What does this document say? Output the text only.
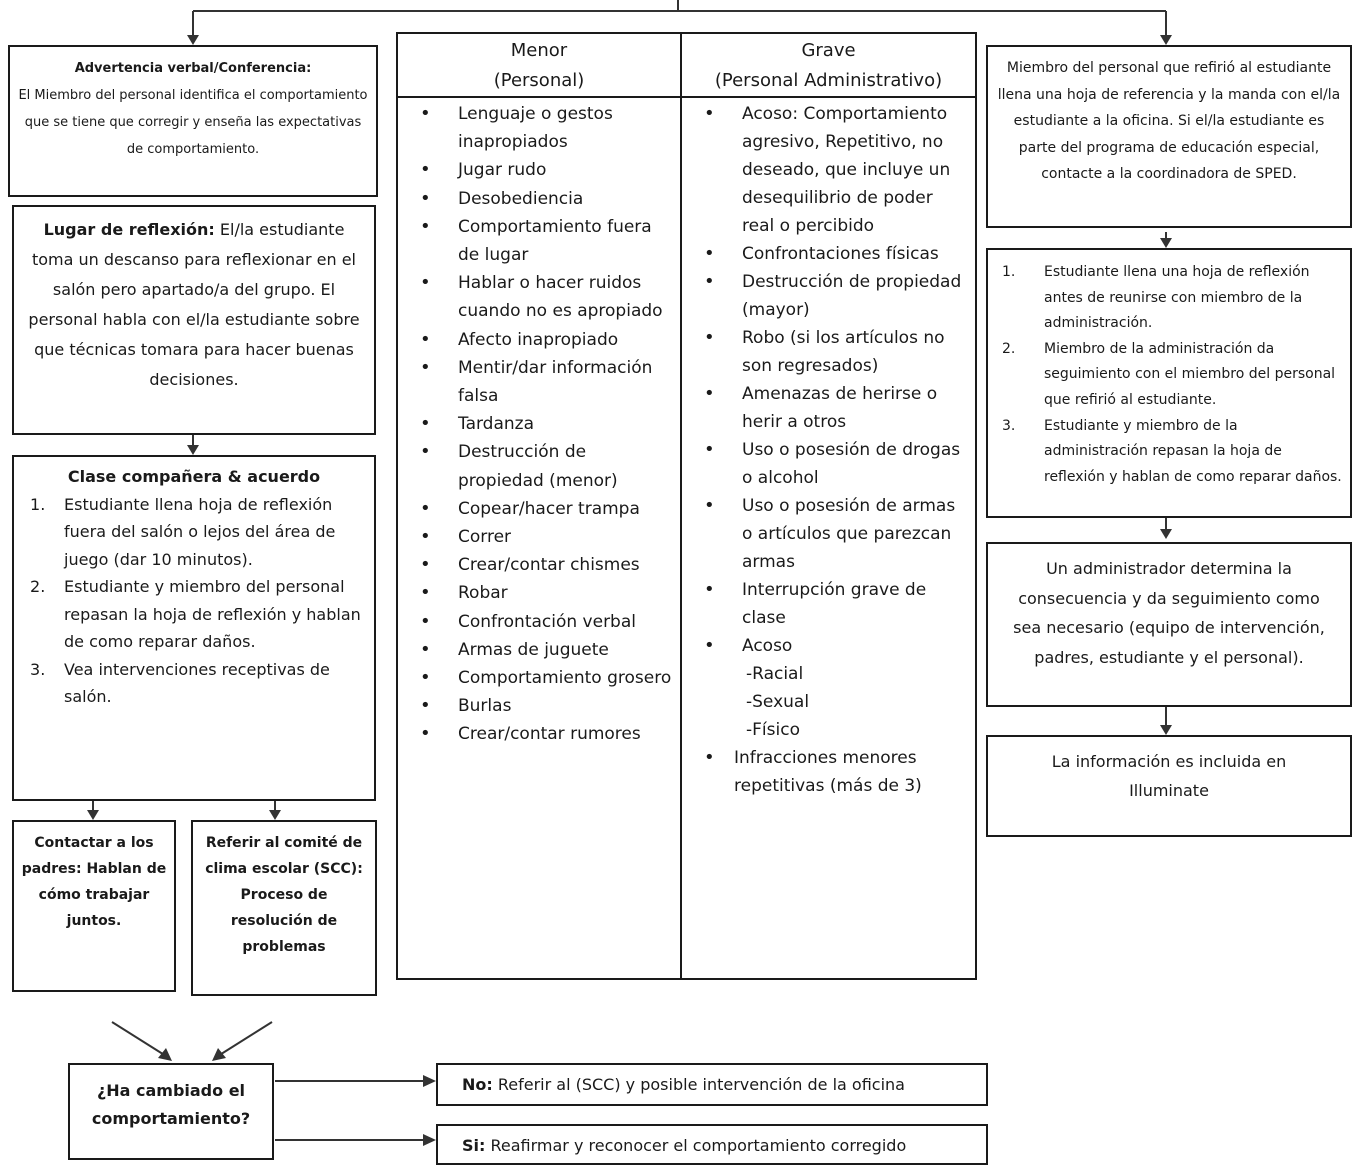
Advertencia verbal/Conferencia:
El Miembro del personal identifica el comportamiento que se tiene que corregir y enseña las expectativas de comportamiento.
Lugar de reflexión: El/la estudiante toma un descanso para reflexionar en el salón pero apartado/a del grupo. El personal habla con el/la estudiante sobre que técnicas tomara para hacer buenas decisiones.
Clase compañera & acuerdo
Estudiante llena hoja de reflexión fuera del salón o lejos del área de juego (dar 10 minutos).
Estudiante y miembro del personal repasan la hoja de reflexión y hablan de como reparar daños.
Vea intervenciones receptivas de salón.
Contactar a los padres: Hablan de cómo trabajar juntos.
Referir al comité de clima escolar (SCC): Proceso de resolución de problemas
Menor
(Personal)
Grave
(Personal Administrativo)
• Lenguaje o gestos inapropiados
• Jugar rudo
• Desobediencia
• Comportamiento fuera de lugar
• Hablar o hacer ruidos cuando no es apropiado
• Afecto inapropiado
• Mentir/dar información falsa
• Tardanza
• Destrucción de propiedad (menor)
• Copear/hacer trampa
• Correr
• Crear/contar chismes
• Robar
• Confrontación verbal
• Armas de juguete
• Comportamiento grosero
• Burlas
• Crear/contar rumores
• Acoso: Comportamiento agresivo, Repetitivo, no deseado, que incluye un desequilibrio de poder real o percibido
• Confrontaciones físicas
• Destrucción de propiedad (mayor)
• Robo (si los artículos no son regresados)
• Amenazas de herirse o herir a otros
• Uso o posesión de drogas o alcohol
• Uso o posesión de armas o artículos que parezcan armas
• Interrupción grave de clase
• Acoso
-Racial
-Sexual
-Físico
• Infracciones menores repetitivas (más de 3)
Miembro del personal que refirió al estudiante llena una hoja de referencia y la manda con el/la estudiante a la oficina. Si el/la estudiante es parte del programa de educación especial, contacte a la coordinadora de SPED.
Estudiante llena una hoja de reflexión antes de reunirse con miembro de la administración.
Miembro de la administración da seguimiento con el miembro del personal que refirió al estudiante.
Estudiante y miembro de la administración repasan la hoja de reflexión y hablan de como reparar daños.
Un administrador determina la consecuencia y da seguimiento como sea necesario (equipo de intervención, padres, estudiante y el personal).
La información es incluida en Illuminate
¿Ha cambiado el comportamiento?
No: Referir al (SCC) y posible intervención de la oficina
Si: Reafirmar y reconocer el comportamiento corregido
